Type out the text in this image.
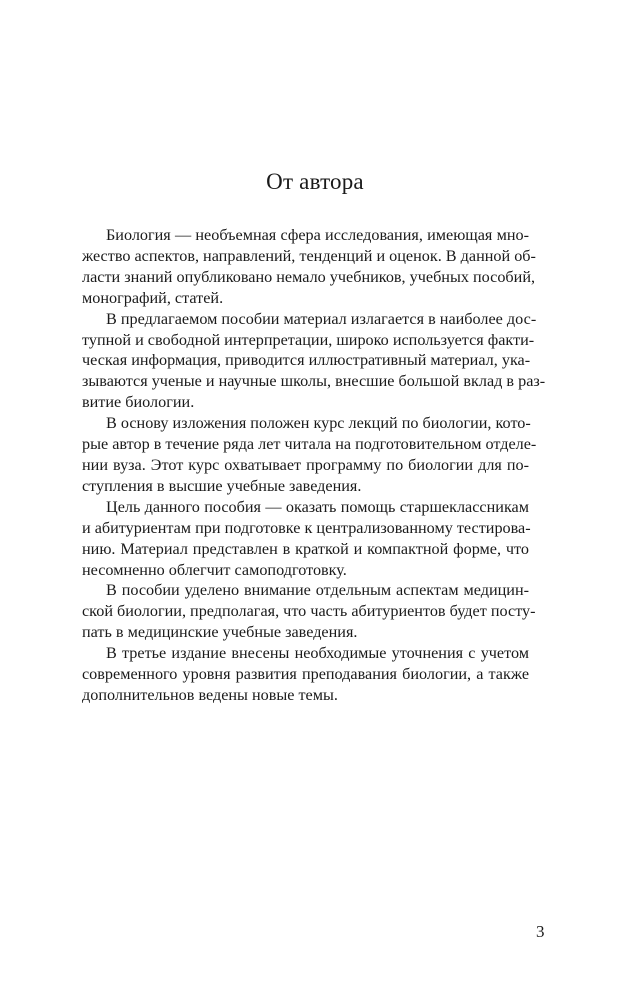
От автора

Биология — необъемная сфера исследования, имеющая мно-
жество аспектов, направлений, тенденций и оценок. В данной об-
ласти знаний опубликовано немало учебников, учебных пособий,
монографий, статей.

В предлагаемом пособии материал излагается в наиболее дос-
тупной и свободной интерпретации, широко используется факти-
ческая информация, приводится иллюстративный материал, ука-
зываются ученые и научные школы, внесшие большой вклад в раз-
витие биологии.

В основу изложения положен курс лекций по биологии, кото-
рые автор в течение ряда лет читала на подготовительном отделе-
нии вуза. Этот курс охватывает программу по биологии для по-
ступления в высшие учебные заведения.

Цель данного пособия — оказать помощь старшеклассникам
и абитуриентам при подготовке к централизованному тестирова-
нию. Материал представлен в краткой и компактной форме, что
несомненно облегчит самоподготовку.

В пособии уделено внимание отдельным аспектам медицин-
ской биологии, предполагая, что часть абитуриентов будет посту-
пать в медицинские учебные заведения.

В третье издание внесены необходимые уточнения с учетом
современного уровня развития преподавания биологии, а также
дополнительнов ведены новые темы.

3
